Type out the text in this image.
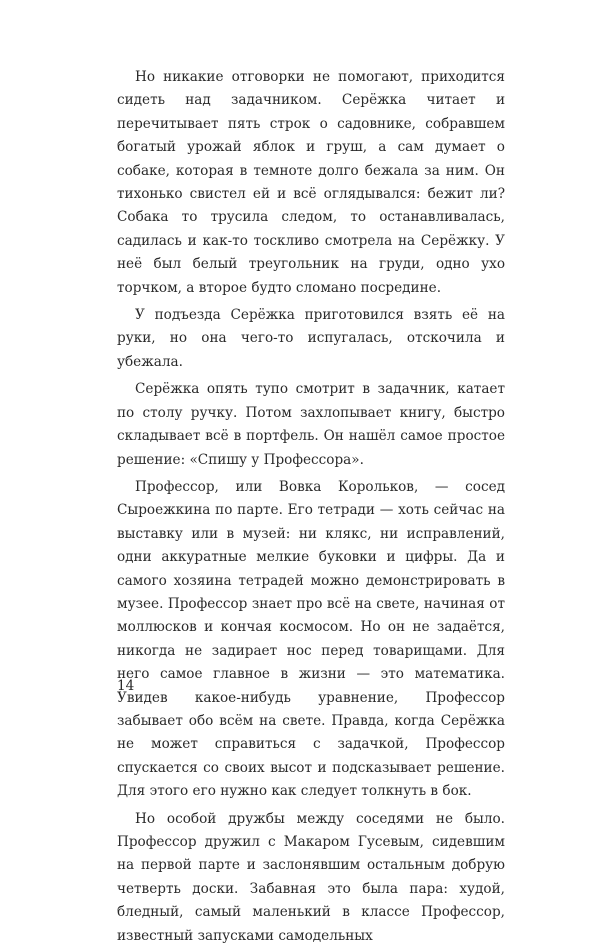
Но никакие отговорки не помогают, приходится сидеть над задачником. Серёжка читает и перечитывает пять строк о садовнике, собравшем богатый урожай яблок и груш, а сам думает о собаке, которая в темноте долго бежала за ним. Он тихонько свистел ей и всё оглядывался: бежит ли? Собака то трусила следом, то останавливалась, садилась и как-то тоскливо смотрела на Серёжку. У неё был белый треугольник на груди, одно ухо торчком, а второе будто сломано посредине.

У подъезда Серёжка приготовился взять её на руки, но она чего-то испугалась, отскочила и убежала.

Серёжка опять тупо смотрит в задачник, катает по столу ручку. Потом захлопывает книгу, быстро складывает всё в портфель. Он нашёл самое простое решение: «Спишу у Профессора».

Профессор, или Вовка Корольков, — сосед Сыроежкина по парте. Его тетради — хоть сейчас на выставку или в музей: ни клякс, ни исправлений, одни аккуратные мелкие буковки и цифры. Да и самого хозяина тетрадей можно демонстрировать в музее. Профессор знает про всё на свете, начиная от моллюсков и кончая космосом. Но он не задаётся, никогда не задирает нос перед товарищами. Для него самое главное в жизни — это математика. Увидев какое-нибудь уравнение, Профессор забывает обо всём на свете. Правда, когда Серёжка не может справиться с задачкой, Профессор спускается со своих высот и подсказывает решение. Для этого его нужно как следует толкнуть в бок.

Но особой дружбы между соседями не было. Профессор дружил с Макаром Гусевым, сидевшим на первой парте и заслонявшим остальным добрую четверть доски. Забавная это была пара: худой, бледный, самый маленький в классе Профессор, известный запусками самодельных

14
